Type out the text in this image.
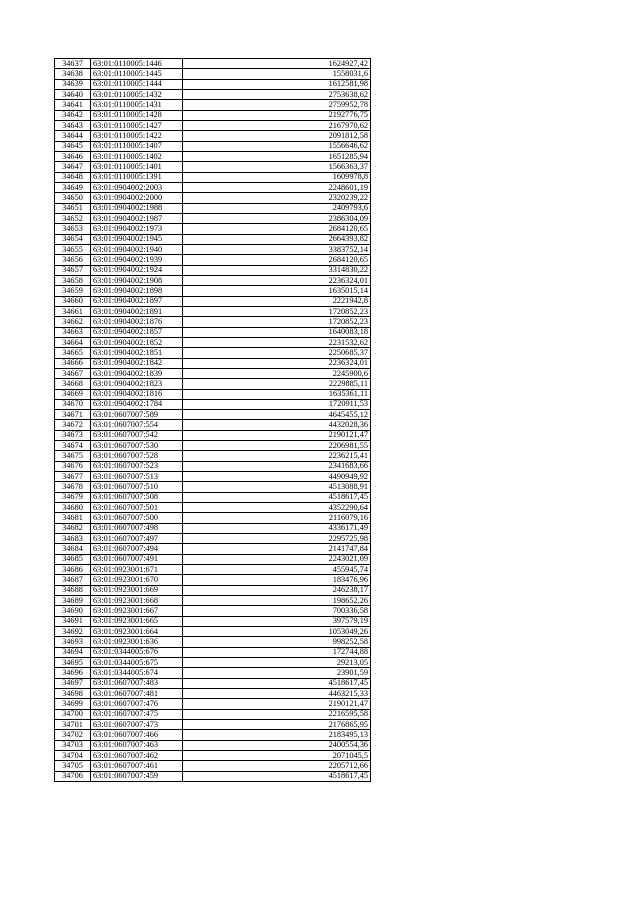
34637	63:01:0110005:1446	1624927,42
34638	63:01:0110005:1445	1558031,6
34639	63:01:0110005:1444	1612581,98
34640	63:01:0110005:1432	2753638,62
34641	63:01:0110005:1431	2759952,78
34642	63:01:0110005:1428	2192776,75
34643	63:01:0110005:1427	2167970,62
34644	63:01:0110005:1422	2091812,58
34645	63:01:0110005:1407	1556646,62
34646	63:01:0110005:1402	1651285,94
34647	63:01:0110005:1401	1566363,37
34648	63:01:0110005:1391	1609978,8
34649	63:01:0904002:2003	2248601,19
34650	63:01:0904002:2000	2320239,22
34651	63:01:0904002:1988	2409793,6
34652	63:01:0904002:1987	2386304,09
34653	63:01:0904002:1973	2684120,65
34654	63:01:0904002:1945	2664393,82
34655	63:01:0904002:1940	3383752,14
34656	63:01:0904002:1939	2684120,65
34657	63:01:0904002:1924	3314830,22
34658	63:01:0904002:1908	2236324,01
34659	63:01:0904002:1898	1635015,14
34660	63:01:0904002:1897	2221942,8
34661	63:01:0904002:1891	1720852,23
34662	63:01:0904002:1876	1720852,23
34663	63:01:0904002:1857	1640083,18
34664	63:01:0904002:1852	2231532,62
34665	63:01:0904002:1851	2250685,37
34666	63:01:0904002:1842	2236324,01
34667	63:01:0904002:1839	2245900,6
34668	63:01:0904002:1823	2229885,11
34669	63:01:0904002:1816	1635361,11
34670	63:01:0904002:1784	1720911,53
34671	63:01:0607007:589	4645455,12
34672	63:01:0607007:554	4432028,36
34673	63:01:0607007:542	2190121,47
34674	63:01:0607007:530	2206981,55
34675	63:01:0607007:528	2236215,41
34676	63:01:0607007:523	2341683,66
34677	63:01:0607007:513	4490949,92
34678	63:01:0607007:510	4513088,91
34679	63:01:0607007:508	4518617,45
34680	63:01:0607007:501	4352290,64
34681	63:01:0607007:500	2116079,16
34682	63:01:0607007:498	4336171,49
34683	63:01:0607007:497	2295725,98
34684	63:01:0607007:494	2141747,84
34685	63:01:0607007:491	2243021,09
34686	63:01:0923001:671	455945,74
34687	63:01:0923001:670	183476,96
34688	63:01:0923001:669	246238,17
34689	63:01:0923001:668	198652,26
34690	63:01:0923001:667	700336,58
34691	63:01:0923001:665	397579,19
34692	63:01:0923001:664	1053049,26
34693	63:01:0923001:636	998252,58
34694	63:01:0344005:676	172744,88
34695	63:01:0344005:675	29213,05
34696	63:01:0344005:674	23901,59
34697	63:01:0607007:483	4518617,45
34698	63:01:0607007:481	4463215,33
34699	63:01:0607007:476	2190121,47
34700	63:01:0607007:475	2216595,58
34701	63:01:0607007:473	2176865,95
34702	63:01:0607007:466	2183495,13
34703	63:01:0607007:463	2400554,36
34704	63:01:0607007:462	2071045,5
34705	63:01:0607007:461	2205712,66
34706	63:01:0607007:459	4518617,45
